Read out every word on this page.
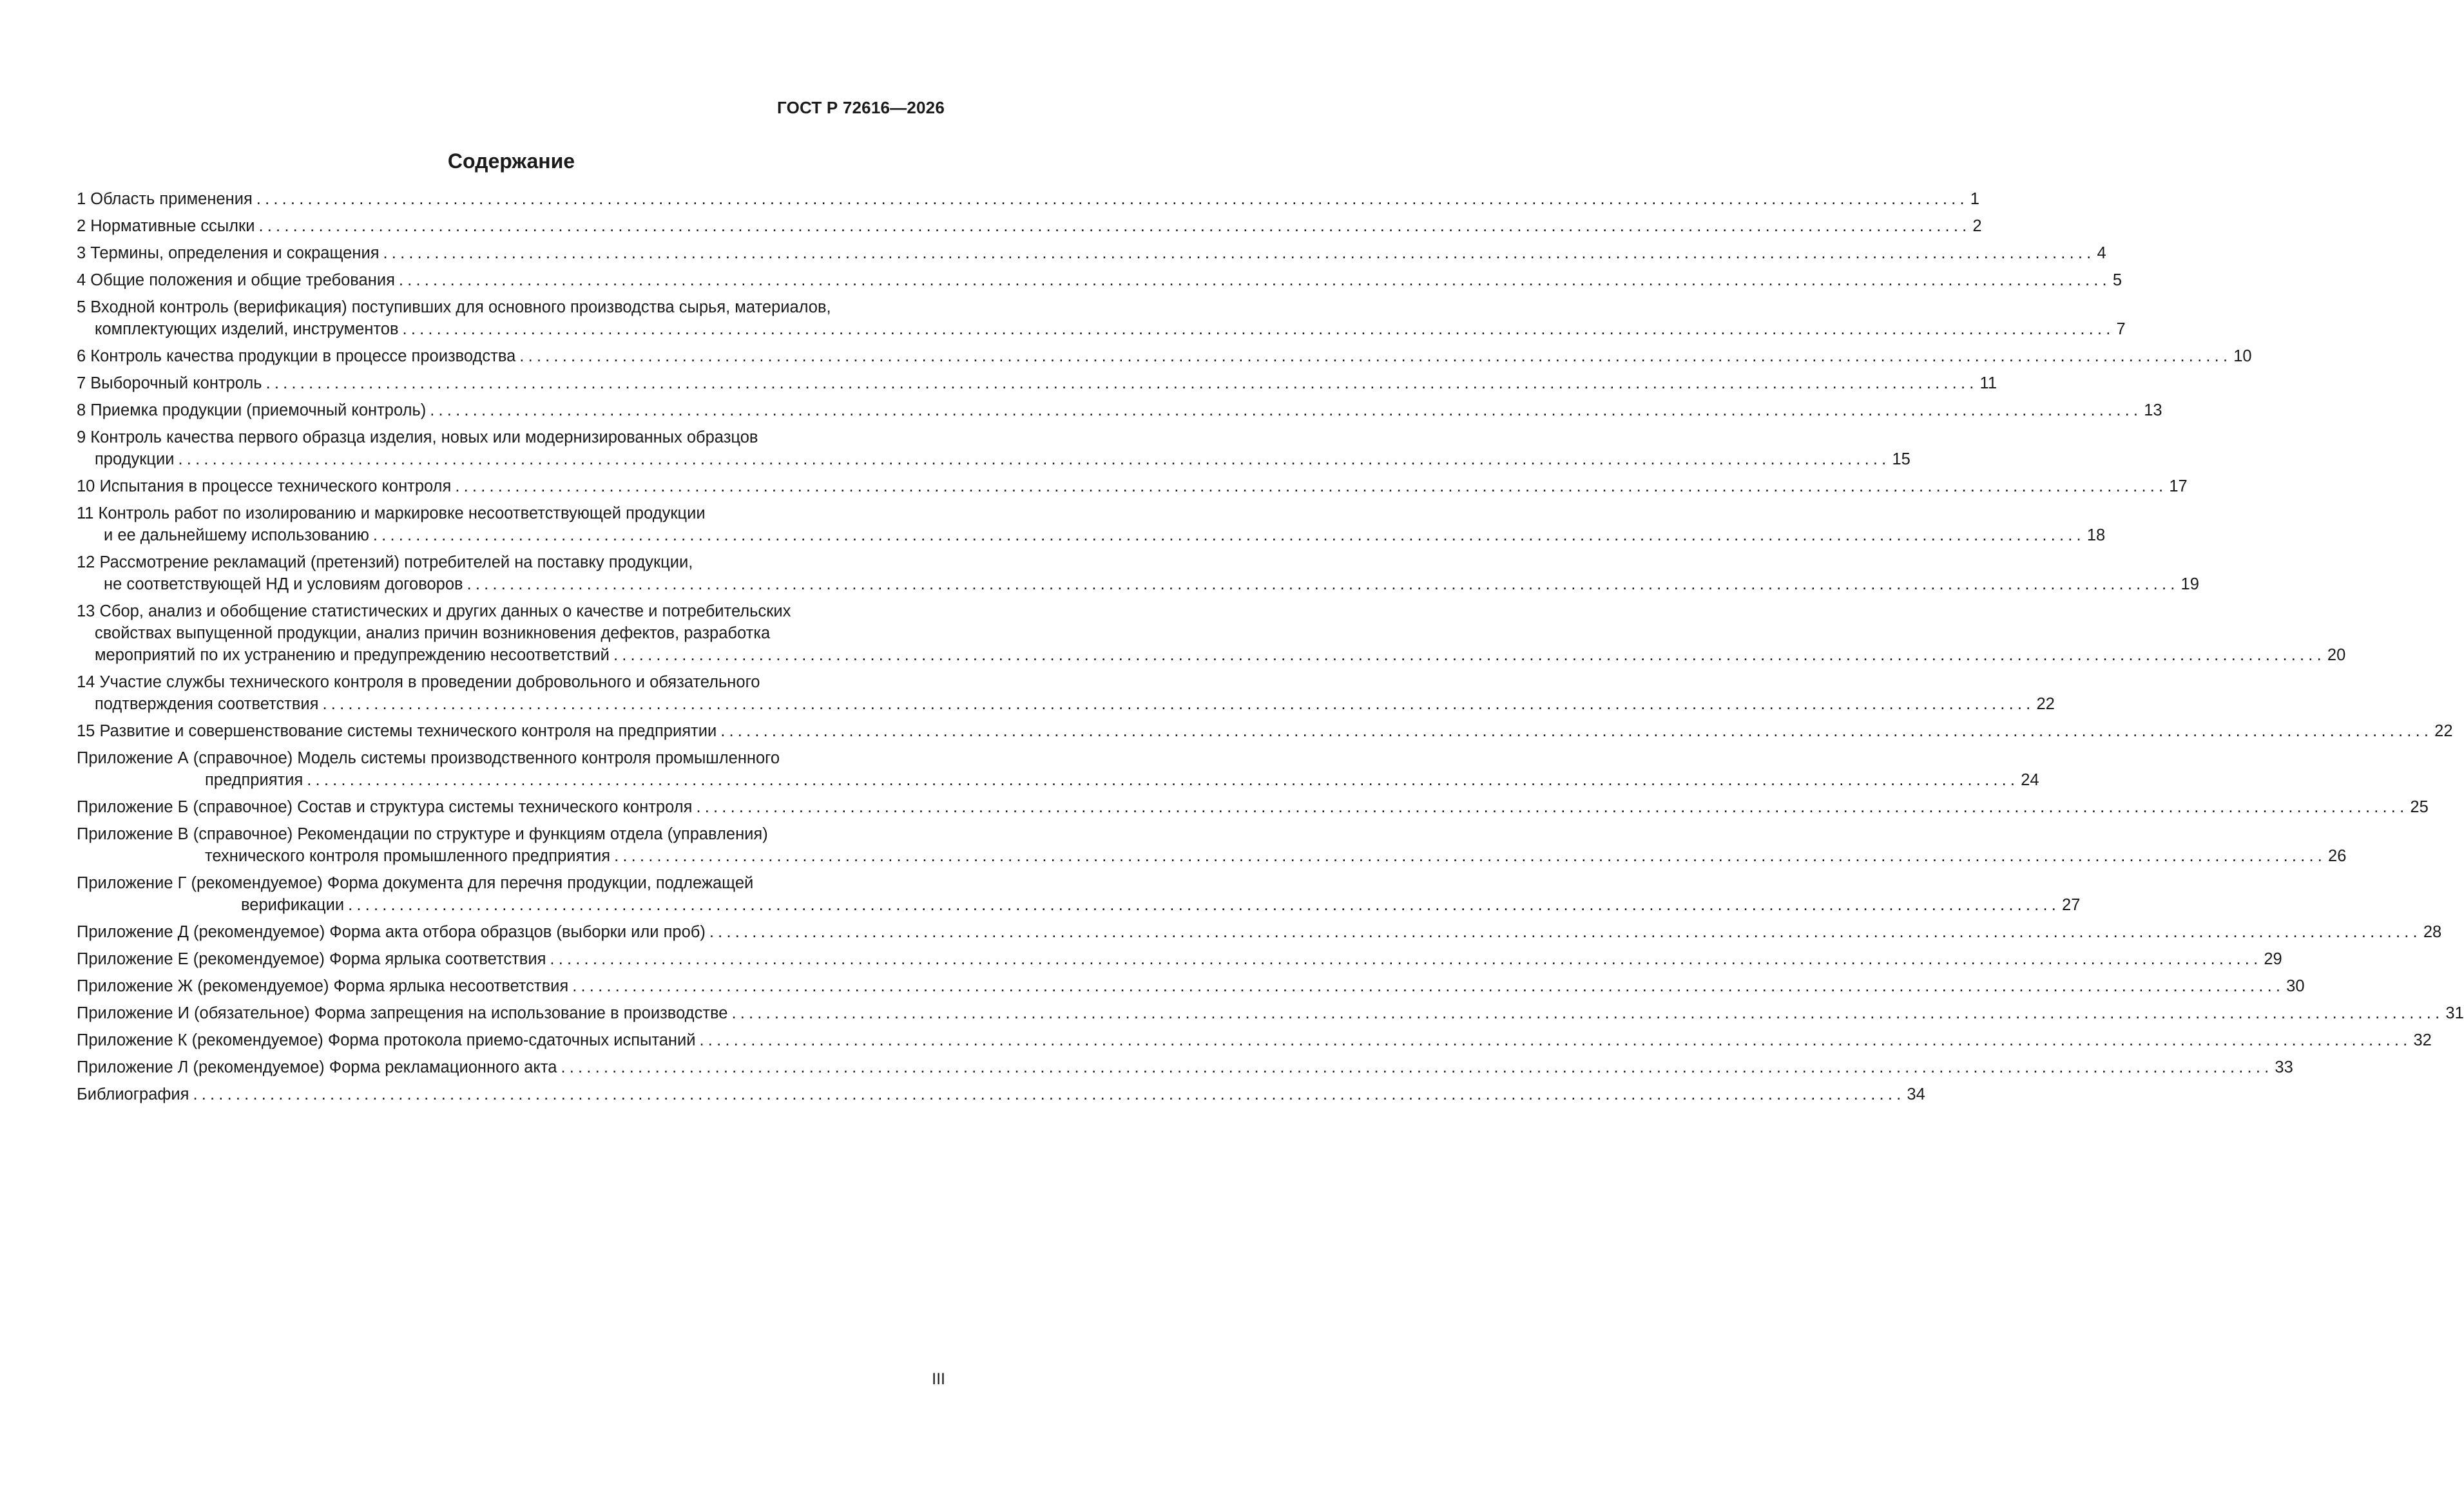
ГОСТ Р 72616—2026
Содержание
1 Область применения ........................................................................................................................................................................................................ 1
2 Нормативные ссылки ........................................................................................................................................................................................................ 2
3 Термины, определения и сокращения ........................................................................................................................................................................................................ 4
4 Общие положения и общие требования ........................................................................................................................................................................................................ 5
5 Входной контроль (верификация) поступивших для основного производства сырья, материалов,
комплектующих изделий, инструментов ........................................................................................................................................................................................................ 7
6 Контроль качества продукции в процессе производства ........................................................................................................................................................................................................ 10
7 Выборочный контроль ........................................................................................................................................................................................................ 11
8 Приемка продукции (приемочный контроль) ........................................................................................................................................................................................................ 13
9 Контроль качества первого образца изделия, новых или модернизированных образцов
продукции ........................................................................................................................................................................................................ 15
10 Испытания в процессе технического контроля ........................................................................................................................................................................................................ 17
11 Контроль работ по изолированию и маркировке несоответствующей продукции
и ее дальнейшему использованию ........................................................................................................................................................................................................ 18
12 Рассмотрение рекламаций (претензий) потребителей на поставку продукции,
не соответствующей НД и условиям договоров ........................................................................................................................................................................................................ 19
13 Сбор, анализ и обобщение статистических и других данных о качестве и потребительских
свойствах выпущенной продукции, анализ причин возникновения дефектов, разработка
мероприятий по их устранению и предупреждению несоответствий ........................................................................................................................................................................................................ 20
14 Участие службы технического контроля в проведении добровольного и обязательного
подтверждения соответствия ........................................................................................................................................................................................................ 22
15 Развитие и совершенствование системы технического контроля на предприятии ........................................................................................................................................................................................................ 22
Приложение А (справочное) Модель системы производственного контроля промышленного
предприятия ........................................................................................................................................................................................................ 24
Приложение Б (справочное) Состав и структура системы технического контроля ........................................................................................................................................................................................................ 25
Приложение В (справочное) Рекомендации по структуре и функциям отдела (управления)
технического контроля промышленного предприятия ........................................................................................................................................................................................................ 26
Приложение Г (рекомендуемое) Форма документа для перечня продукции, подлежащей
верификации ........................................................................................................................................................................................................ 27
Приложение Д (рекомендуемое) Форма акта отбора образцов (выборки или проб) ........................................................................................................................................................................................................ 28
Приложение Е (рекомендуемое) Форма ярлыка соответствия ........................................................................................................................................................................................................ 29
Приложение Ж (рекомендуемое) Форма ярлыка несоответствия ........................................................................................................................................................................................................ 30
Приложение И (обязательное) Форма запрещения на использование в производстве ........................................................................................................................................................................................................ 31
Приложение К (рекомендуемое) Форма протокола приемо-сдаточных испытаний ........................................................................................................................................................................................................ 32
Приложение Л (рекомендуемое) Форма рекламационного акта ........................................................................................................................................................................................................ 33
Библиография ........................................................................................................................................................................................................ 34
III
